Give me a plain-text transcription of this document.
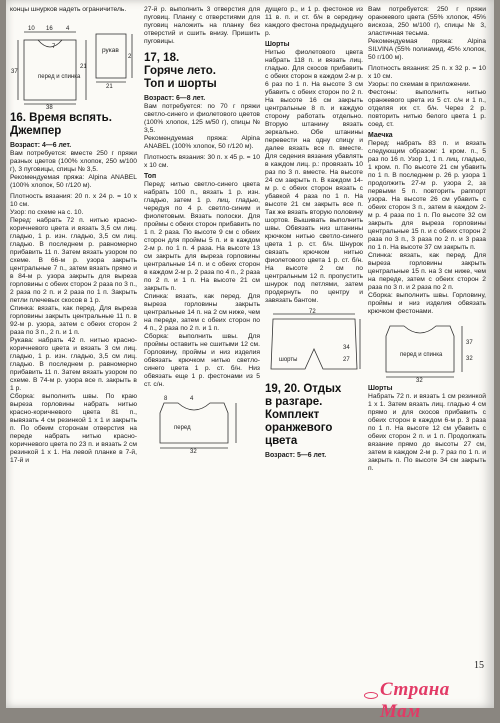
концы шнурков надеть ограничитель.

10 16 4
7	рукав
перед и спинка
38
21
37
21
2
16. Время вспять.
Джемпер

Возраст: 4—6 лет.

Вам потребуется: вместе 250 г пряжи разных цветов (100% хлопок, 250 м/100 г), 3 пуговицы, спицы № 3,5.

Рекомендуемая пряжа: Alpina ANABEL (100% хлопок, 50 г/120 м).

Плотность вязания: 20 п. х 24 р. = 10 х 10 см.

Узор: по схеме на с. 10.

Перед: набрать 72 п. нитью красно-коричневого цвета и вязать 3,5 см лиц. гладью, 1 р. изн. гладью, 3,5 см лиц. гладью. В последнем р. равномерно прибавить 11 п. Затем вязать узором по схеме. В 66-м р. узора закрыть центральные 7 п., затем вязать прямо и в 84-м р. узора закрыть для выреза горловины с обеих сторон 2 раза по 3 п., 2 раза по 2 п. и 2 раза по 1 п. Закрыть петли плечевых скосов в 1 р.

Спинка: вязать, как перед. Для выреза горловины закрыть центральные 11 п. в 92-м р. узора, затем с обеих сторон 2 раза по 3 п., 2 п. и 1 п.

Рукава: набрать 42 п. нитью красно-коричневого цвета и вязать 3 см лиц. гладью, 1 р. изн. гладью, 3,5 см лиц. гладью. В последнем р. равномерно прибавить 11 п. Затем вязать узором по схеме. В 74-м р. узора все п. закрыть в 1 р.

Сборка: выполнить швы. По краю выреза горловины набрать нитью красно-коричневого цвета 81 п., вывязать 4 см резинкой 1 х 1 и закрыть п. По обеим сторонам отверстия на переде набрать нитью красно-коричневого цвета по 23 п. и вязать 2 см резинкой 1 х 1. На левой планке в 7-й, 17-й и

27-й р. выполнить 3 отверстия для пуговиц. Планку с отверстиями для пуговиц наложить на планку без отверстий и сшить внизу. Пришить пуговицы.

17, 18.
Горяче лето.
Топ и шорты

Возраст: 6—8 лет.

Вам потребуется: по 70 г пряжи светло-синего и фиолетового цветов (100% хлопок, 125 м/50 г), спицы № 3,5.

Рекомендуемая пряжа: Alpina ANABEL (100% хлопок, 50 г/120 м).

Плотность вязания: 30 п. х 45 р. = 10 х 10 см.

Топ

Перед: нитью светло-синего цвета набрать 100 п., вязать 1 р. изн. гладью, затем 1 р. лиц. гладью, чередуя по 4 р. светло-синим и фиолетовым. Вязать полоски. Для проймы с обеих сторон прибавить по 1 п. 2 раза. По высоте 9 см с обеих сторон для проймы 5 п. и в каждом 2-м р. по 1 п. 4 раза. На высоте 13 см закрыть для выреза горловины центральные 14 п. и с обеих сторон в каждом 2-м р. 2 раза по 4 п., 2 раза по 2 п. и 1 п. На высоте 21 см закрыть п.

Спинка: вязать, как перед. Для выреза горловины закрыть центральные 14 п. на 2 см ниже, чем на переде, затем с обеих сторон по 4 п., 2 раза по 2 п. и 1 п.

Сборка: выполнить швы. Для проймы оставить не сшитыми 12 см. Горловину, проймы и низ изделия обвязать крючком нитью светло-синего цвета 1 р. ст. б/н. Низ обвязать еще 1 р. фестонами из 5 ст. с/н.

8	4
перед
32

дущего р., и 1 р. фестонов из 11 в. п. и ст. б/н в середину каждого фестона предыдущего р.

Шорты

Нитью фиолетового цвета набрать 118 п. и вязать лиц. гладью. Для скосов прибавить с обеих сторон в каждом 2-м р. 6 раз по 1 п. На высоте 3 см убавить с обеих сторон по 2 п. На высоте 16 см закрыть центральные 8 п. и каждую сторону работать отдельно. Вторую штанину вязать зеркально. Обе штанины перевести на одну спицу и далее вязать все п. вместе. Для седения вязания убавлять в каждом лиц. р.: провязать 10 раз по 3 п. вместе. На высоте 24 см закрыть п. В каждом 14-м р. с обеих сторон вязать с убавкой 4 раза по 1 п. На высоте 21 см закрыть все п. Так же вязать вторую половину шортов. Вышивать выполнить швы. Обвязать низ штанины крючком нитью светло-синего цвета 1 р. ст. б/н. Шнурок связать крючком нитью фиолетового цвета 1 р. ст. б/н. На высоте 2 см по центральным 12 п. пропустить шнурок под петлями, затем продернуть по центру и завязать бантом.

72
шорты
34
27
19, 20. Отдых
в разгаре.
Комплект
оранжевого цвета

Возраст: 5—6 лет.

Вам потребуется: 250 г пряжи оранжевого цвета (55% хлопок, 45% вискоза, 250 м/100 г), спицы № 3, эластичная тесьма.

Рекомендуемая пряжа: Alpina SILVINA (55% полиамид, 45% хлопок, 50 г/100 м).

Плотность вязания: 25 п. х 32 р. = 10 х 10 см.

Узоры: по схемам в приложении.

Фестоны: выполнить нитью оранжевого цвета из 5 ст. с/н и 1 п., отделяя их ст. б/н. Через 2 р. повторить нитью белого цвета 1 р. соед. ст.

Маечка

Перед: набрать 83 п. и вязать следующим образом: 1 кром. п., 5 раз по 16 п. Узор 1, 1 п. лиц. гладью, 1 кром. п. По высоте 21 см убавить по 1 п. В последнем р. 26 р. узора 1 продолжить 27-м р. узора 2, за первыми 5 п. повторить раппорт узора. На высоте 26 см убавить с обеих сторон 3 п., затем в каждом 2-м р. 4 раза по 1 п. По высоте 32 см закрыть для выреза горловины центральные 15 п. и с обеих сторон 2 раза по 3 п., 3 раза по 2 п. и 3 раза по 1 п. На высоте 37 см закрыть п.

Спинка: вязать, как перед. Для выреза горловины закрыть центральные 15 п. на 3 см ниже, чем на переде, затем с обеих сторон 2 раза по 3 п. и 2 раза по 2 п.

Сборка: выполнить швы. Горловину, проймы и низ изделия обвязать крючком фестонами.

перед и спинка
32
37
32

Шорты

Набрать 72 п. и вязать 1 см резинкой 1 х 1. Затем вязать лиц. гладью 4 см прямо и для скосов прибавить с обеих сторон в каждом 6-м р. 3 раза по 1 п. На высоте 12 см убавить с обеих сторон 2 п. и 1 п. Продолжать вязание прямо до высоты 27 см, затем в каждом 2-м р. 7 раз по 1 п. и закрыть п. По высоте 34 см закрыть п.

15
Страна Мам
